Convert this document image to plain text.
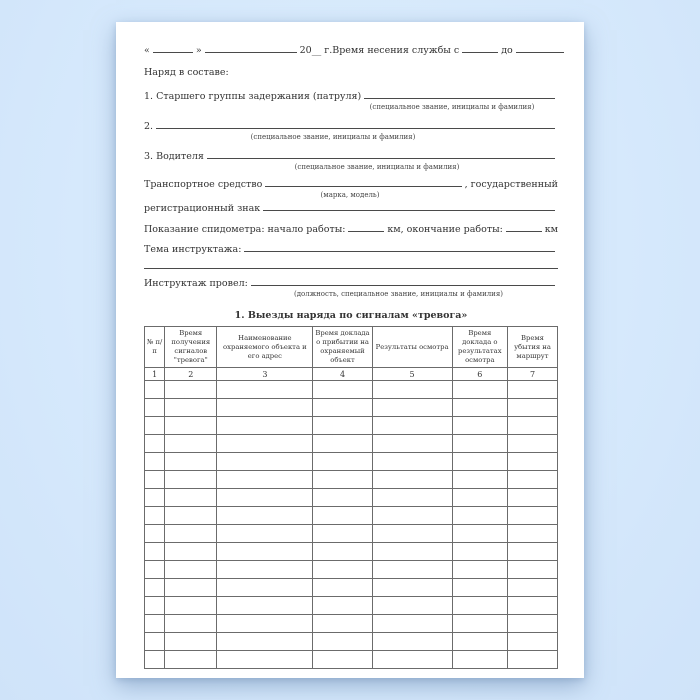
«	»	20__ г. Время несения службы с	до
Наряд в составе:
1. Старшего группы задержания (патруля)
(специальное звание, инициалы и фамилия)
2.
(специальное звание, инициалы и фамилия)
3. Водителя
(специальное звание, инициалы и фамилия)
Транспортное средство	, государственный
(марка, модель)
регистрационный знак
Показание спидометра: начало работы:	км, окончание работы:	км
Тема инструктажа:
Инструктаж провел:
(должность, специальное звание, инициалы и фамилия)
1. Выезды наряда по сигналам «тревога»
№ п/п	Время получения сигналов "тревога"	Наименование охраняемого объекта и его адрес	Время доклада о прибытии на охраняемый объект	Результаты осмотра	Время доклада о результатах осмотра	Время убытия на маршрут
1	2	3	4	5	6	7
